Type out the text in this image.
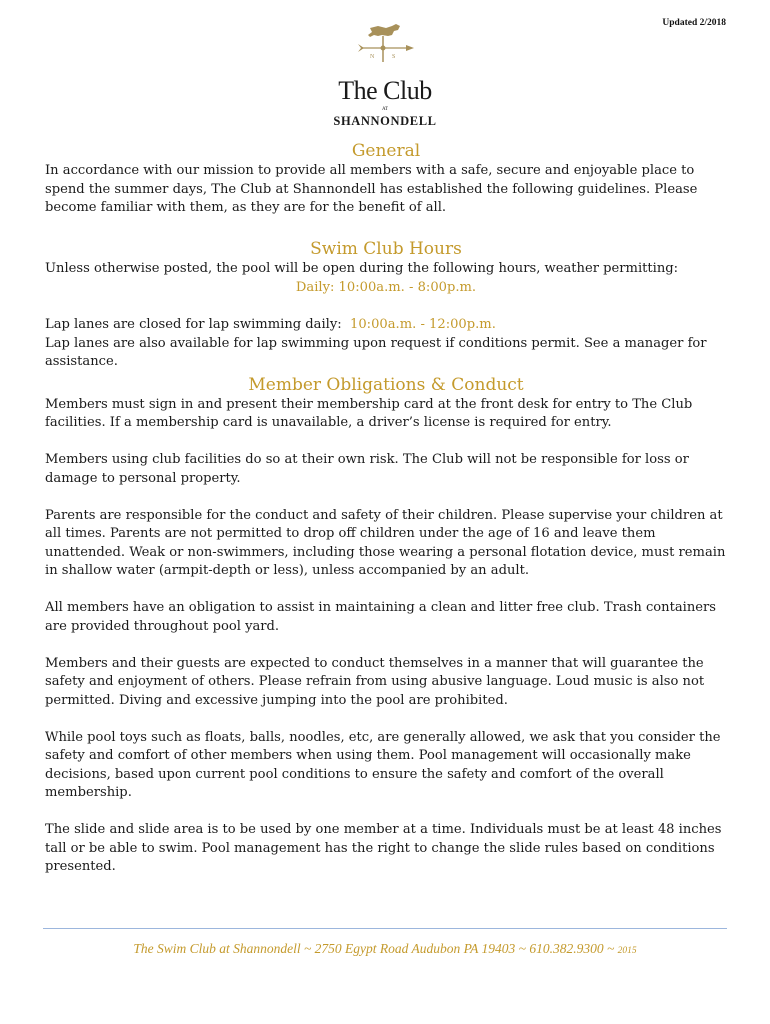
Updated 2/2018
N	S
The Club
AT
SHANNONDELL
General

In accordance with our mission to provide all members with a safe, secure and enjoyable place to spend the summer days, The Club at Shannondell has established the following guidelines. Please become familiar with them, as they are for the benefit of all.

Swim Club Hours

Unless otherwise posted, the pool will be open during the following hours, weather permitting:

Daily: 10:00a.m. - 8:00p.m.

Lap lanes are closed for lap swimming daily: 10:00a.m. - 12:00p.m.

Lap lanes are also available for lap swimming upon request if conditions permit. See a manager for assistance.

Member Obligations & Conduct

Members must sign in and present their membership card at the front desk for entry to The Club facilities. If a membership card is unavailable, a driver’s license is required for entry.

Members using club facilities do so at their own risk. The Club will not be responsible for loss or damage to personal property.

Parents are responsible for the conduct and safety of their children. Please supervise your children at all times. Parents are not permitted to drop off children under the age of 16 and leave them unattended. Weak or non-swimmers, including those wearing a personal flotation device, must remain in shallow water (armpit-depth or less), unless accompanied by an adult.

All members have an obligation to assist in maintaining a clean and litter free club. Trash containers are provided throughout pool yard.

Members and their guests are expected to conduct themselves in a manner that will guarantee the safety and enjoyment of others. Please refrain from using abusive language. Loud music is also not permitted. Diving and excessive jumping into the pool are prohibited.

While pool toys such as floats, balls, noodles, etc, are generally allowed, we ask that you consider the safety and comfort of other members when using them. Pool management will occasionally make decisions, based upon current pool conditions to ensure the safety and comfort of the overall membership.

The slide and slide area is to be used by one member at a time. Individuals must be at least 48 inches tall or be able to swim. Pool management has the right to change the slide rules based on conditions presented.

The Swim Club at Shannondell ~ 2750 Egypt Road Audubon PA 19403 ~ 610.382.9300 ~ 2015
